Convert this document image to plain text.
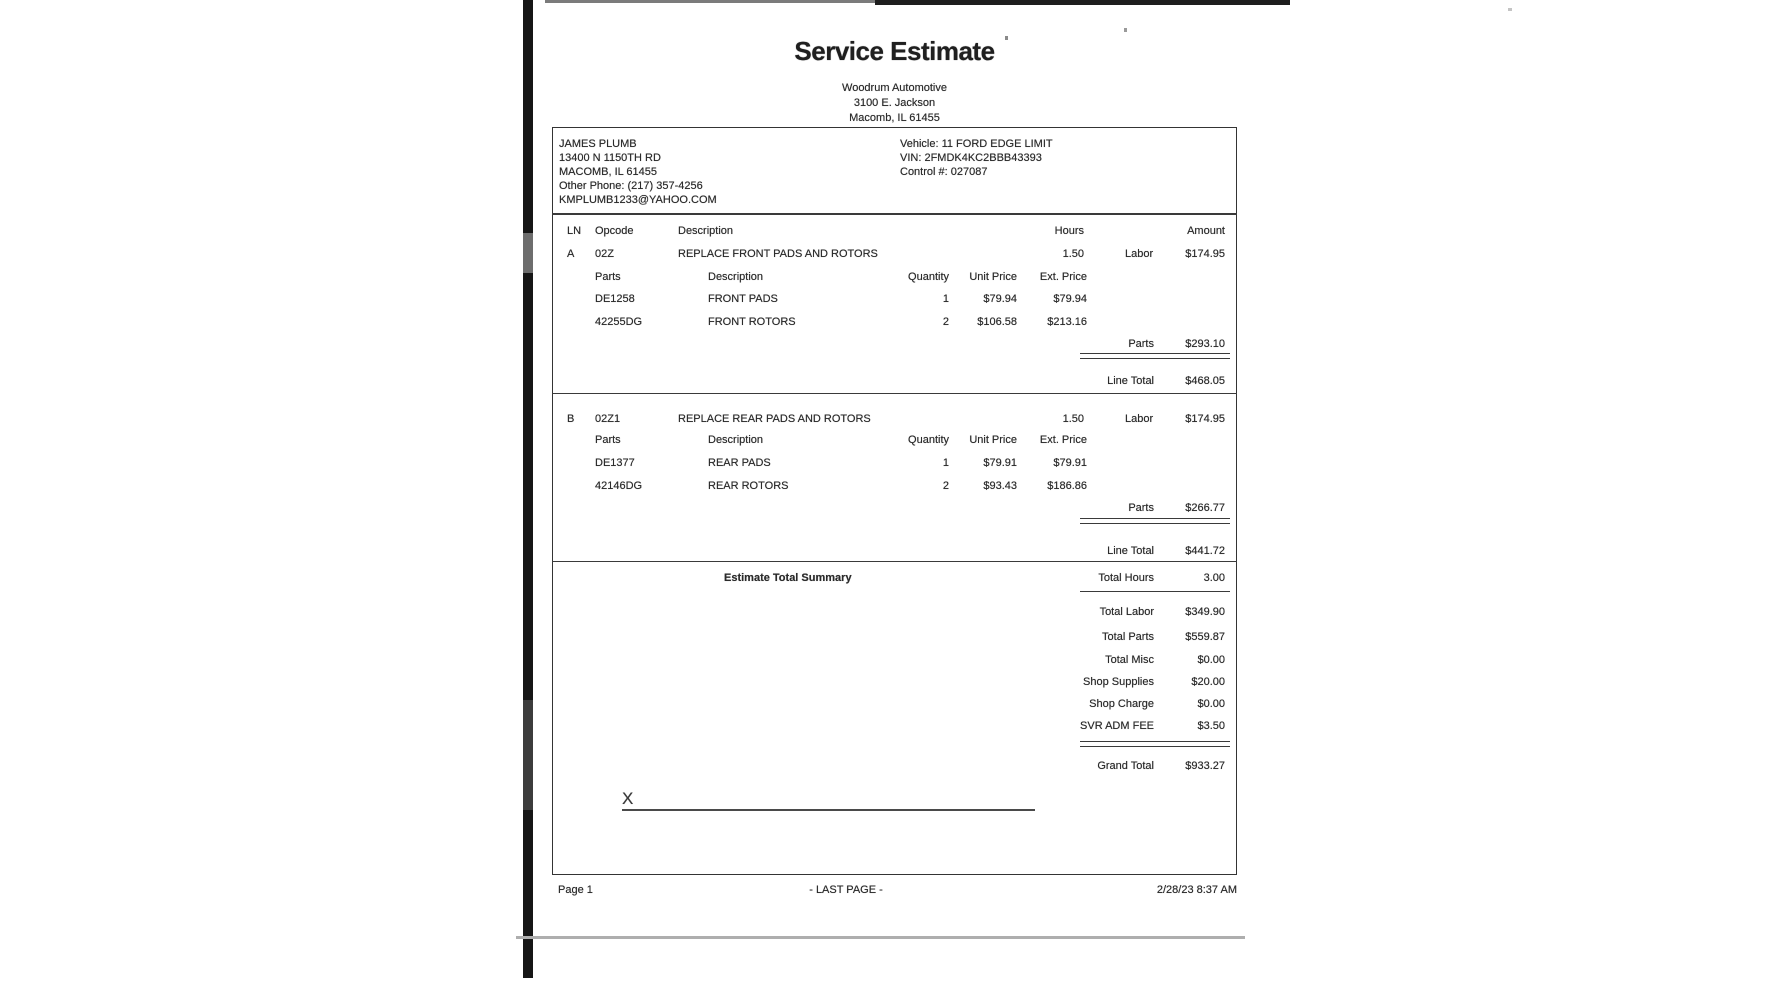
Service Estimate
Woodrum Automotive
3100 E. Jackson
Macomb, IL 61455
JAMES PLUMB
13400 N 1150TH RD
MACOMB, IL 61455
Other Phone: (217) 357-4256
KMPLUMB1233@YAHOO.COM
Vehicle: 11 FORD EDGE LIMIT
VIN: 2FMDK4KC2BBB43393
Control #: 027087
LN Opcode	Description	Hours	Amount
A 02Z	REPLACE FRONT PADS AND ROTORS	1.50	Labor	$174.95
Parts	Description	Quantity Unit Price Ext. Price
DE1258	FRONT PADS	1	$79.94	$79.94
42255DG	FRONT ROTORS	2	$106.58	$213.16
Parts	$293.10
Line Total	$468.05
B 02Z1	REPLACE REAR PADS AND ROTORS	1.50	Labor	$174.95
Parts	Description	Quantity Unit Price Ext. Price
DE1377	REAR PADS	1	$79.91	$79.91
42146DG	REAR ROTORS	2	$93.43	$186.86
Parts	$266.77
Line Total	$441.72
Estimate Total Summary	Total Hours	3.00
Total Labor	$349.90
Total Parts	$559.87
Total Misc	$0.00
Shop Supplies	$20.00
Shop Charge	$0.00
SVR ADM FEE	$3.50
Grand Total	$933.27
X
Page 1	- LAST PAGE -	2/28/23 8:37 AM
